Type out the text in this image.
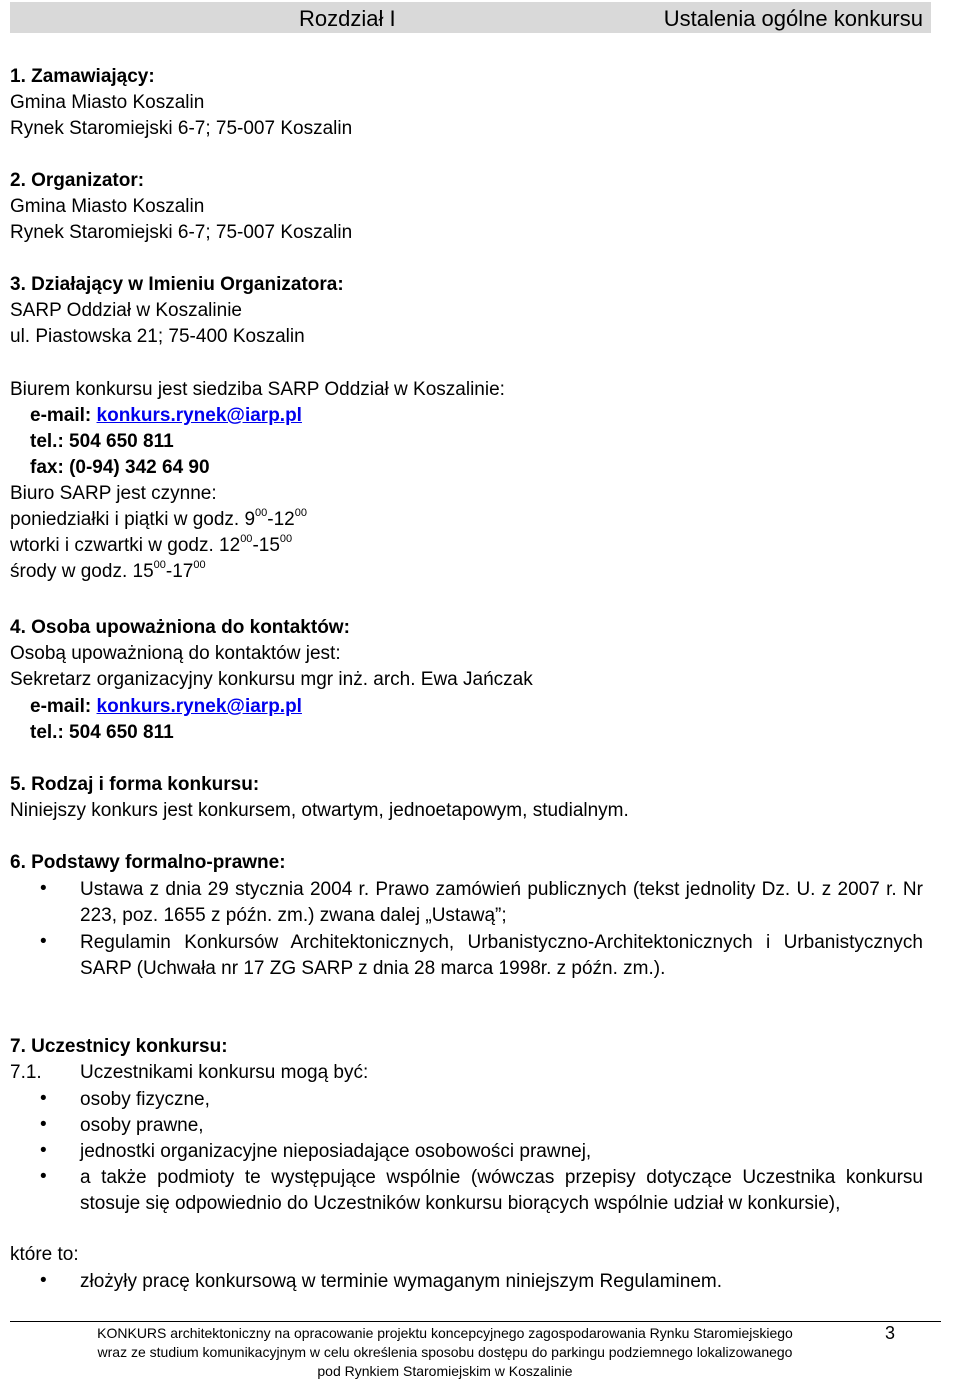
Rozdział I	Ustalenia ogólne konkursu
1. Zamawiający:
Gmina Miasto Koszalin
Rynek Staromiejski 6-7; 75-007 Koszalin
2. Organizator:
Gmina Miasto Koszalin
Rynek Staromiejski 6-7; 75-007 Koszalin
3. Działający w Imieniu Organizatora:
SARP Oddział w Koszalinie
ul. Piastowska 21; 75-400 Koszalin
Biurem konkursu jest siedziba SARP Oddział w Koszalinie:
e-mail: konkurs.rynek@iarp.pl
tel.: 504 650 811
fax: (0-94) 342 64 90
Biuro SARP jest czynne:
poniedziałki i piątki w godz. $9^{00}-12^{00}$
wtorki i czwartki w godz. $12^{00}-15^{00}$
środy w godz. $15^{00}-17^{00}$
4. Osoba upoważniona do kontaktów:
Osobą upoważnioną do kontaktów jest:
Sekretarz organizacyjny konkursu mgr inż. arch. Ewa Jańczak
e-mail: konkurs.rynek@iarp.pl
tel.: 504 650 811
5. Rodzaj i forma konkursu:
Niniejszy konkurs jest konkursem, otwartym, jednoetapowym, studialnym.
6. Podstawy formalno-prawne:
• Ustawa z dnia 29 stycznia 2004 r. Prawo zamówień publicznych (tekst jednolity Dz. U. z 2007 r. Nr 223, poz. 1655 z późn. zm.) zwana dalej „Ustawą”;
• Regulamin Konkursów Architektonicznych, Urbanistyczno-Architektonicznych i Urbanistycznych SARP (Uchwała nr 17 ZG SARP z dnia 28 marca 1998r. z późn. zm.).
7. Uczestnicy konkursu:
7.1. Uczestnikami konkursu mogą być:
• osoby fizyczne,
• osoby prawne,
• jednostki organizacyjne nieposiadające osobowości prawnej,
• a także podmioty te występujące wspólnie (wówczas przepisy dotyczące Uczestnika konkursu stosuje się odpowiednio do Uczestników konkursu biorących wspólnie udział w konkursie),
które to:
• złożyły pracę konkursową w terminie wymaganym niniejszym Regulaminem.
KONKURS architektoniczny na opracowanie projektu koncepcyjnego zagospodarowania Rynku Staromiejskiego
wraz ze studium komunikacyjnym w celu określenia sposobu dostępu do parkingu podziemnego lokalizowanego
pod Rynkiem Staromiejskim w Koszalinie
3
